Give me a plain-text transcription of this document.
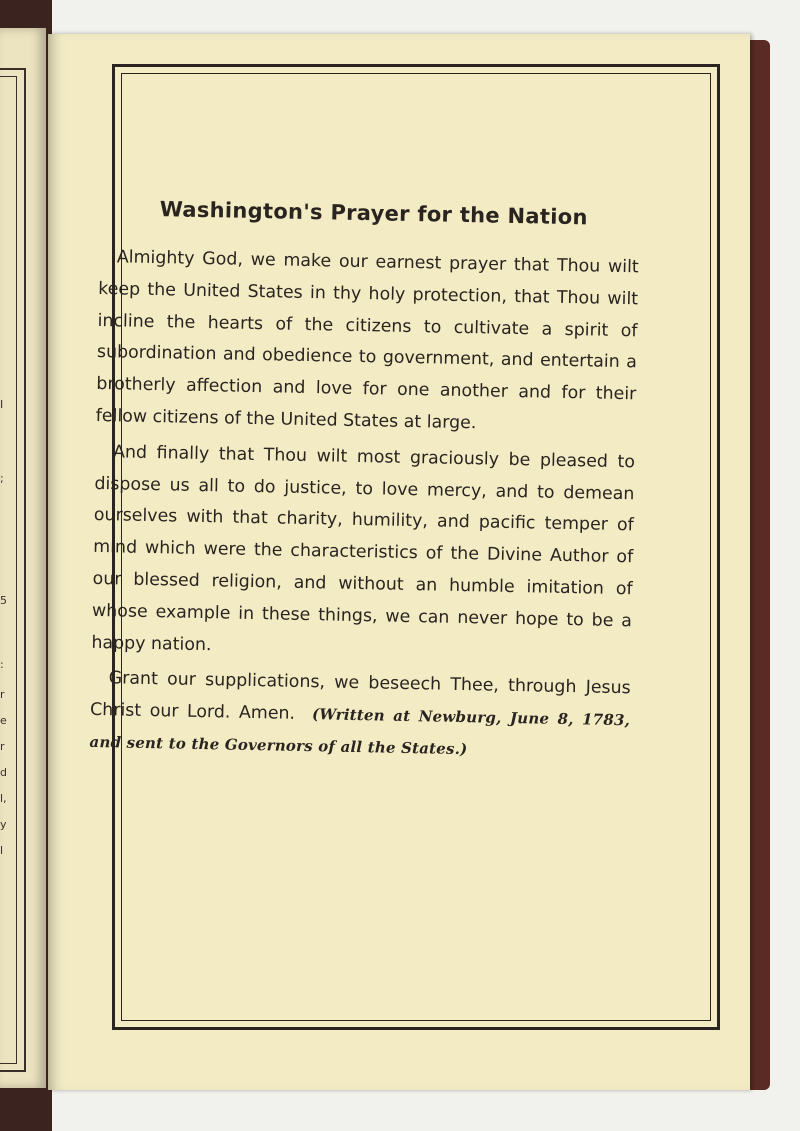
5
:
r
e
r
d
l,
y
l
;
I
Washington's Prayer for the Nation

Almighty God, we make our earnest prayer that Thou wilt keep the United States in thy holy protection, that Thou wilt incline the hearts of the citizens to cultivate a spirit of subordination and obedience to government, and entertain a brotherly affection and love for one another and for their fellow citizens of the United States at large.

And finally that Thou wilt most graciously be pleased to dispose us all to do justice, to love mercy, and to demean ourselves with that charity, humility, and pacific temper of mind which were the characteristics of the Divine Author of our blessed religion, and without an humble imitation of whose example in these things, we can never hope to be a happy nation.

Grant our supplications, we beseech Thee, through Jesus Christ our Lord. Amen. (Written at Newburg, June 8, 1783, and sent to the Governors of all the States.)
